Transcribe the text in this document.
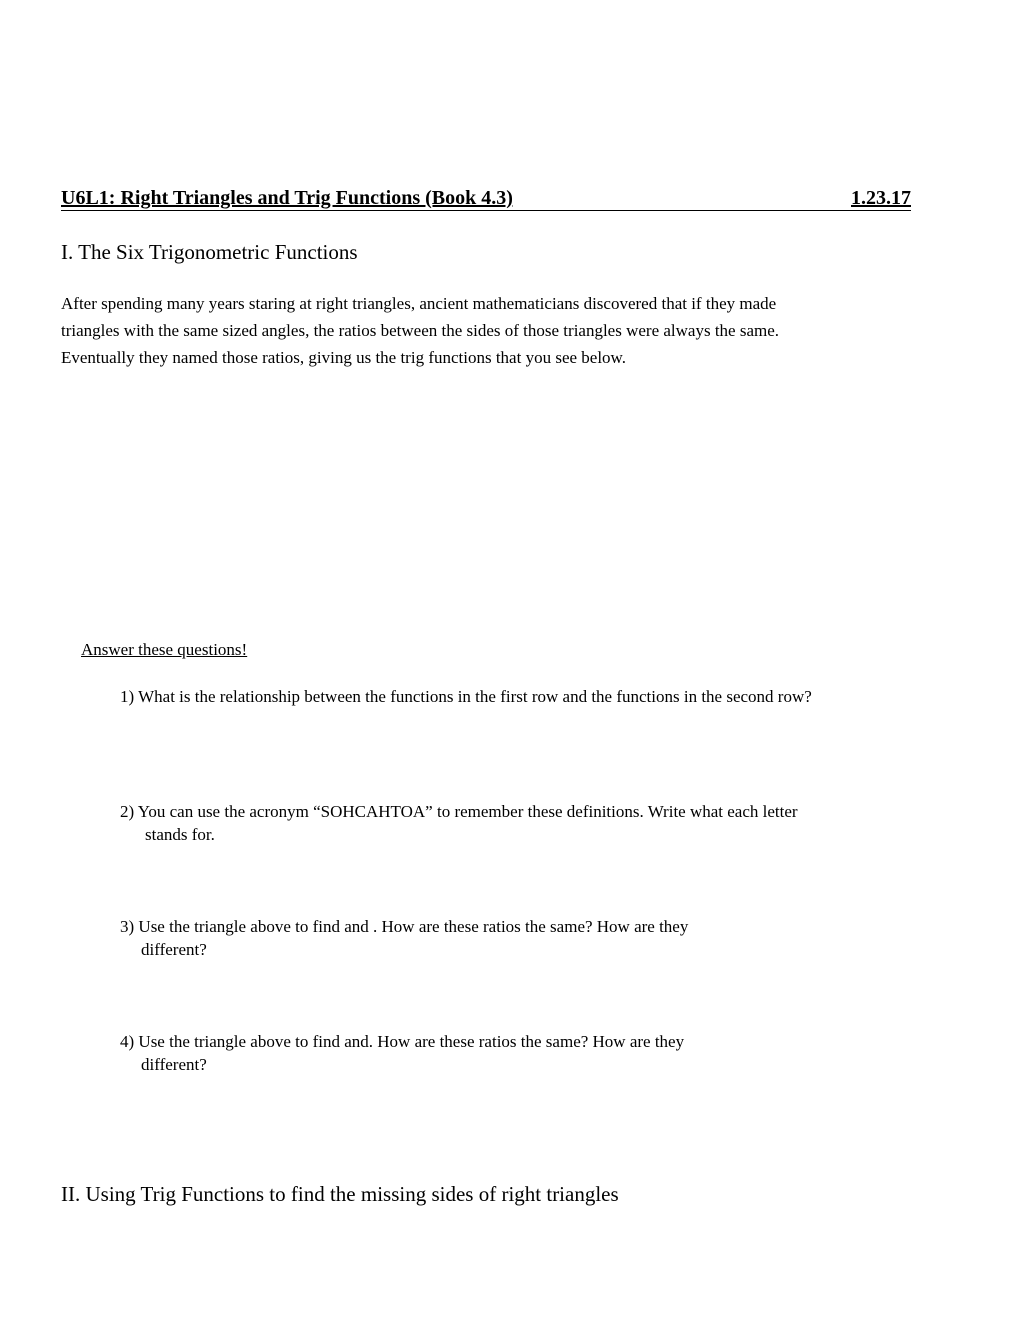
U6L1: Right Triangles and Trig Functions (Book 4.3)	1.23.17
I. The Six Trigonometric Functions
After spending many years staring at right triangles, ancient mathematicians discovered that if they made
triangles with the same sized angles, the ratios between the sides of those triangles were always the same.
Eventually they named those ratios, giving us the trig functions that you see below.
Answer these questions!
1) What is the relationship between the functions in the first row and the functions in the second row?
2) You can use the acronym “SOHCAHTOA” to remember these definitions. Write what each letter
stands for.
3) Use the triangle above to find and . How are these ratios the same? How are they
different?
4) Use the triangle above to find and. How are these ratios the same? How are they
different?
II. Using Trig Functions to find the missing sides of right triangles
